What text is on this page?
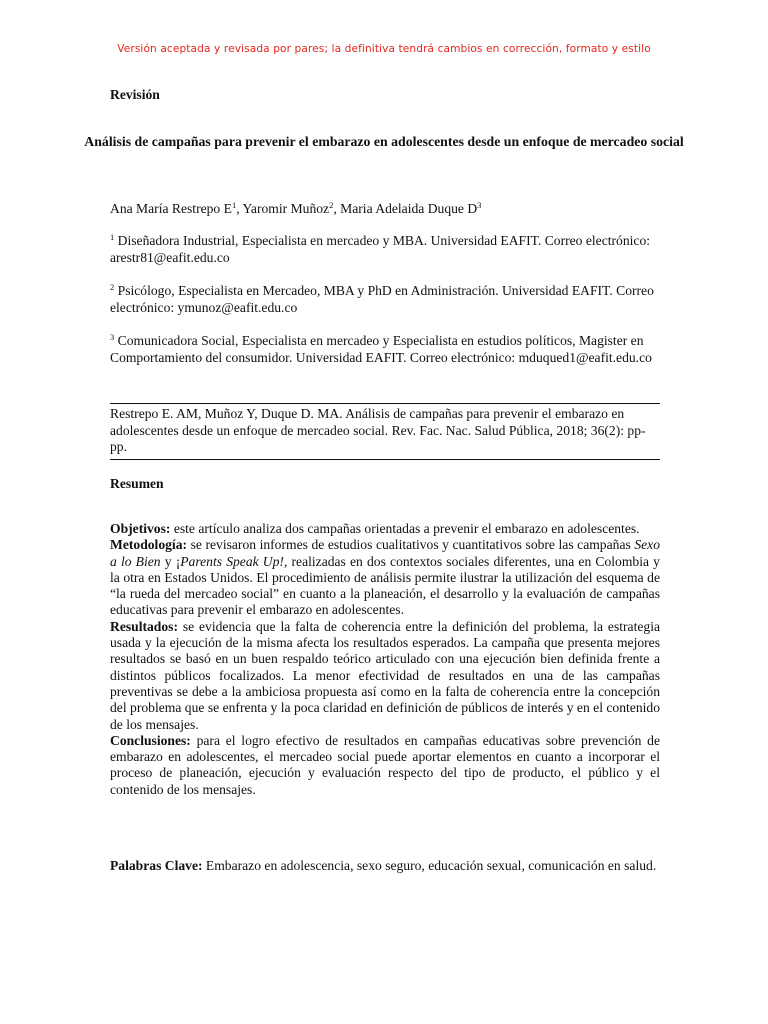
Versión aceptada y revisada por pares; la definitiva tendrá cambios en corrección, formato y estilo
Revisión
Análisis de campañas para prevenir el embarazo en adolescentes desde un enfoque de mercadeo social
Ana María Restrepo $E^1$, Yaromir Muñoz$^2$, Maria Adelaida Duque $D^3$
$^1$ Diseñadora Industrial, Especialista en mercadeo y MBA. Universidad EAFIT. Correo electrónico: arestr81@eafit.edu.co
$^2$ Psicólogo, Especialista en Mercadeo, MBA y PhD en Administración. Universidad EAFIT. Correo electrónico: ymunoz@eafit.edu.co
$^3$ Comunicadora Social, Especialista en mercadeo y Especialista en estudios políticos, Magister en Comportamiento del consumidor. Universidad EAFIT. Correo electrónico: mduqued1@eafit.edu.co
Restrepo E. AM, Muñoz Y, Duque D. MA. Análisis de campañas para prevenir el embarazo en adolescentes desde un enfoque de mercadeo social. Rev. Fac. Nac. Salud Pública, 2018; 36(2): pp-pp.
Resumen

Objetivos: este artículo analiza dos campañas orientadas a prevenir el embarazo en adolescentes.

Metodología: se revisaron informes de estudios cualitativos y cuantitativos sobre las campañas Sexo a lo Bien y ¡Parents Speak Up!, realizadas en dos contextos sociales diferentes, una en Colombia y la otra en Estados Unidos. El procedimiento de análisis permite ilustrar la utilización del esquema de “la rueda del mercadeo social” en cuanto a la planeación, el desarrollo y la evaluación de campañas educativas para prevenir el embarazo en adolescentes.

Resultados: se evidencia que la falta de coherencia entre la definición del problema, la estrategia usada y la ejecución de la misma afecta los resultados esperados. La campaña que presenta mejores resultados se basó en un buen respaldo teórico articulado con una ejecución bien definida frente a distintos públicos focalizados. La menor efectividad de resultados en una de las campañas preventivas se debe a la ambiciosa propuesta así como en la falta de coherencia entre la concepción del problema que se enfrenta y la poca claridad en definición de públicos de interés y en el contenido de los mensajes.

Conclusiones: para el logro efectivo de resultados en campañas educativas sobre prevención de embarazo en adolescentes, el mercadeo social puede aportar elementos en cuanto a incorporar el proceso de planeación, ejecución y evaluación respecto del tipo de producto, el público y el contenido de los mensajes.

Palabras Clave: Embarazo en adolescencia, sexo seguro, educación sexual, comunicación en salud.
